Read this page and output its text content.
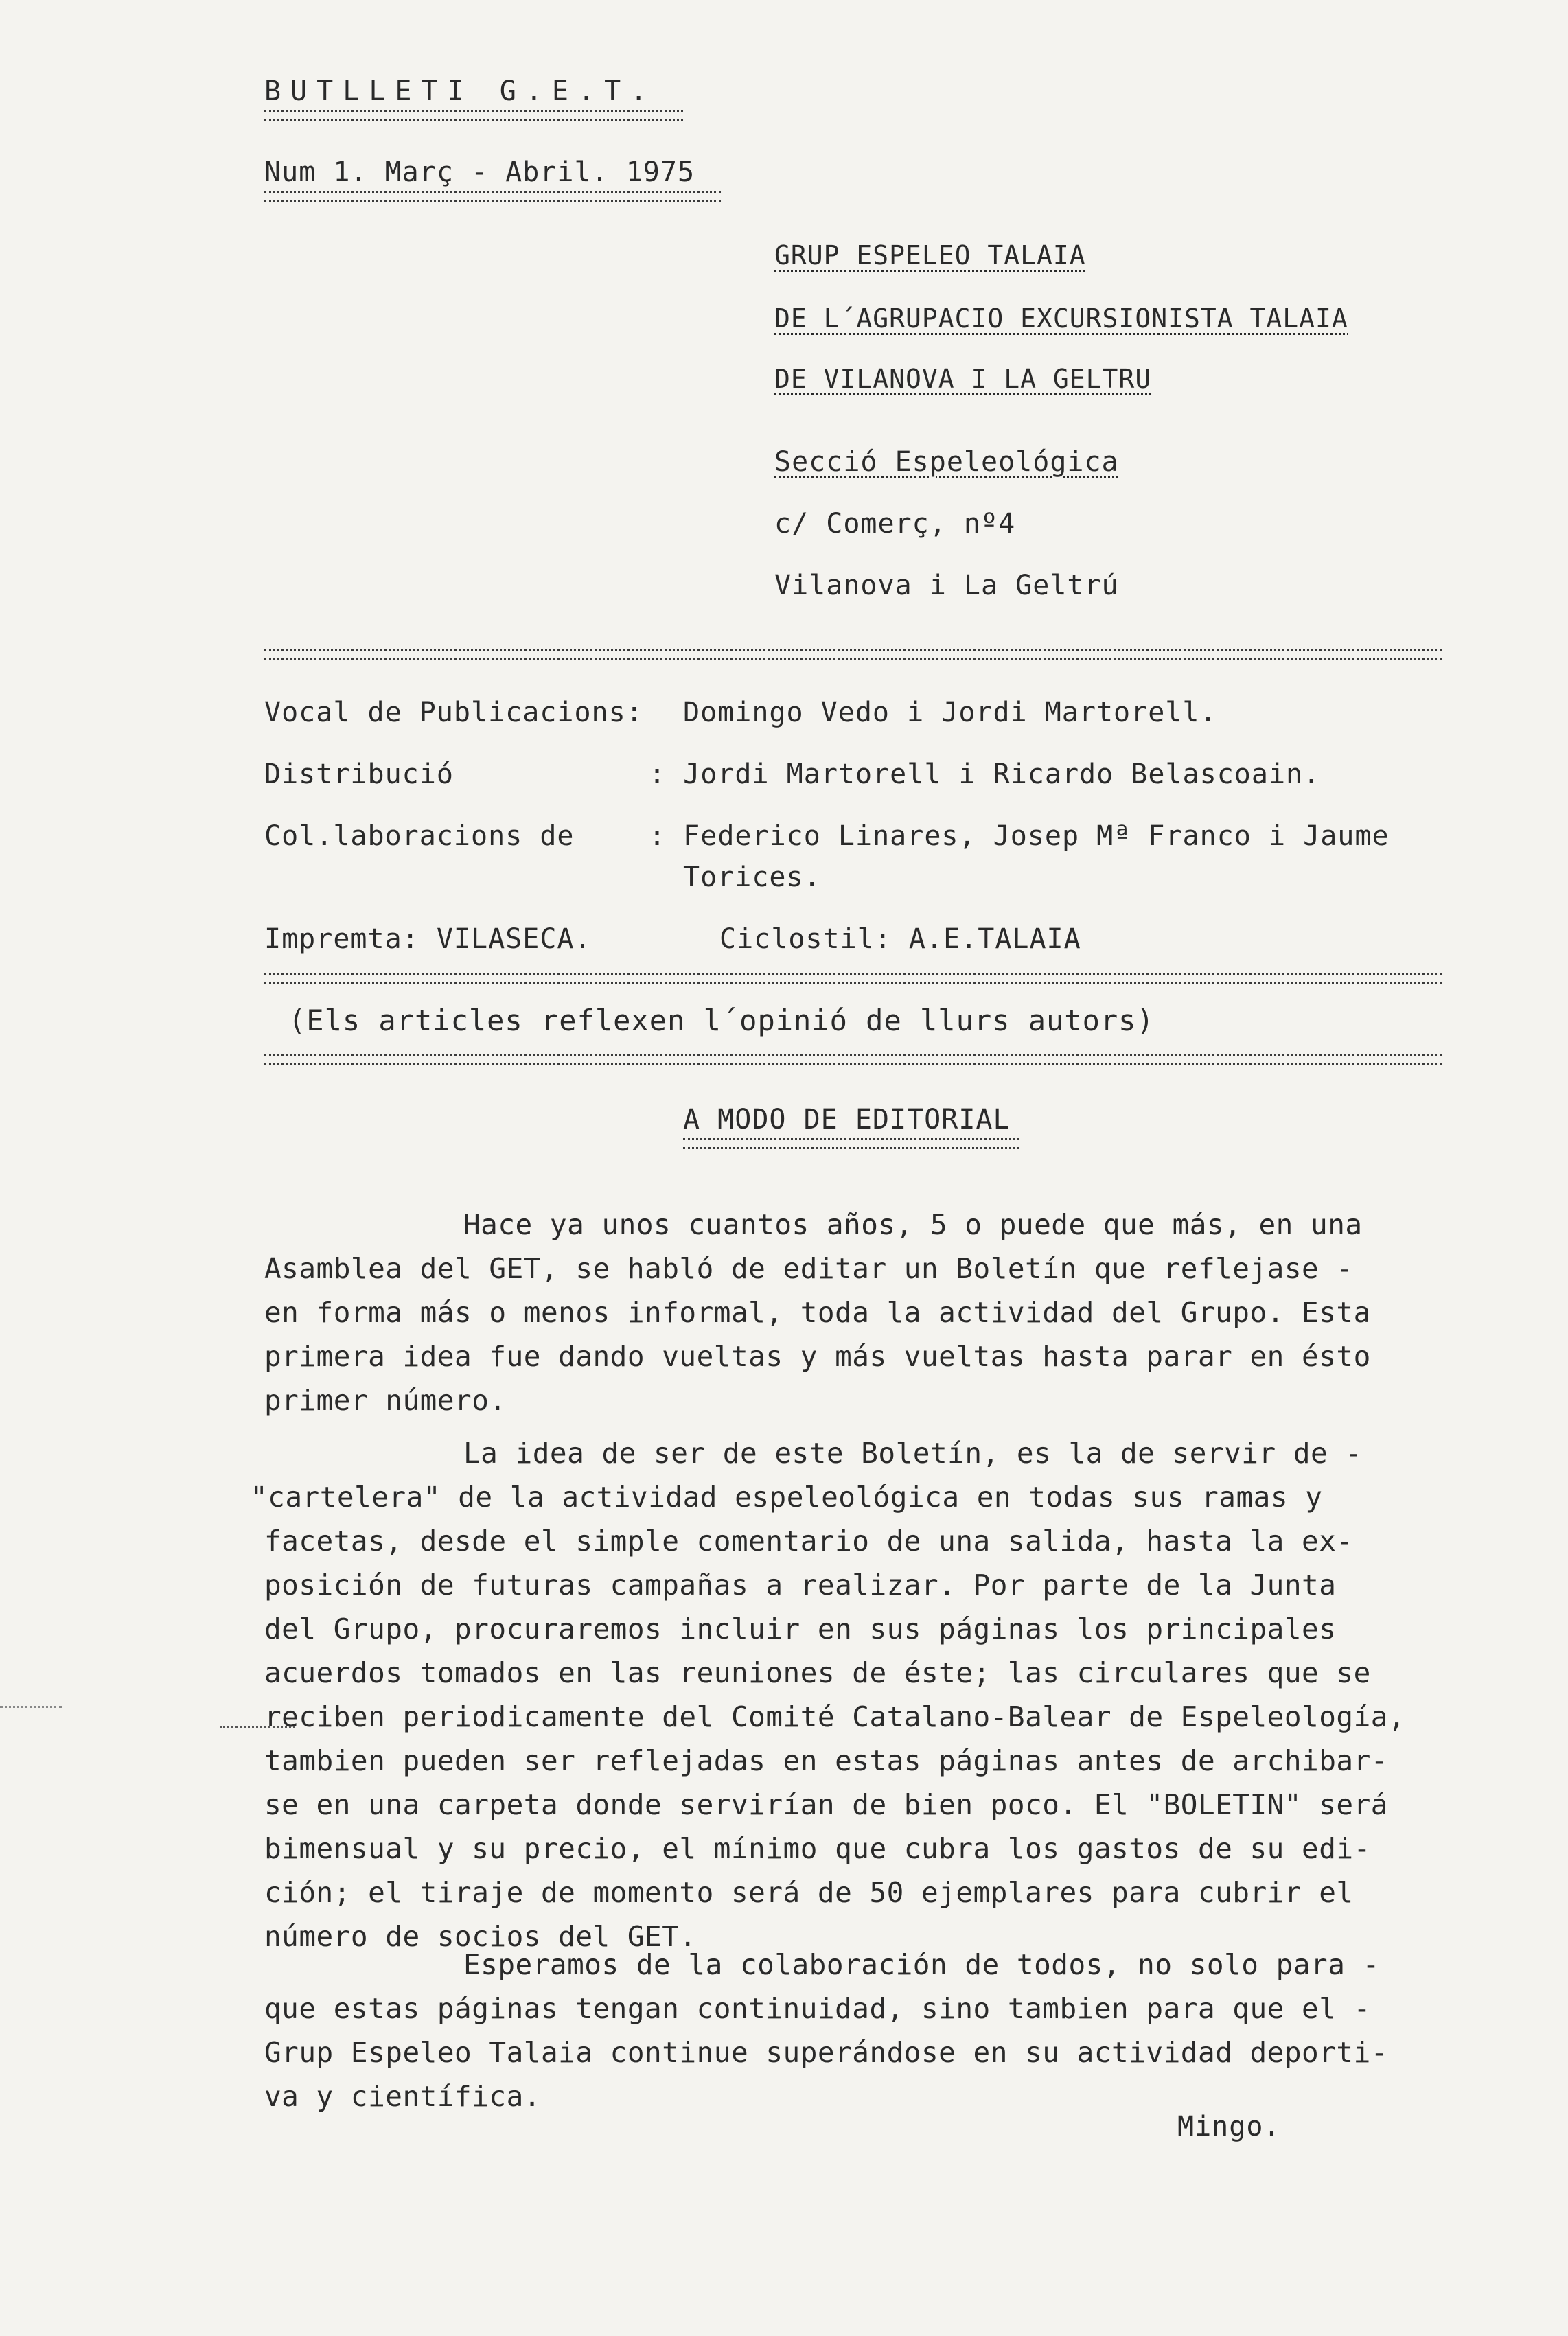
BUTLLETI G.E.T.
Num 1. Març - Abril. 1975
GRUP ESPELEO TALAIA
DE L´AGRUPACIO EXCURSIONISTA TALAIA
DE VILANOVA I LA GELTRU
Secció Espeleológica
c/ Comerç, nº4
Vilanova i La Geltrú
Vocal de Publicacions: Domingo Vedo i Jordi Martorell.
Distribució	: Jordi Martorell i Ricardo Belascoain.
Col.laboracions de	: Federico Linares, Josep Mª Franco i Jaume
Torices.
Impremta: VILASECA.	Ciclostil: A.E.TALAIA
(Els articles reflexen l´opinió de llurs autors)
A MODO DE EDITORIAL
Hace ya unos cuantos años, 5 o puede que más, en una
Asamblea del GET, se habló de editar un Boletín que reflejase -
en forma más o menos informal, toda la actividad del Grupo. Esta
primera idea fue dando vueltas y más vueltas hasta parar en ésto
primer número.
La idea de ser de este Boletín, es la de servir de -
"cartelera" de la actividad espeleológica en todas sus ramas y
facetas, desde el simple comentario de una salida, hasta la ex-
posición de futuras campañas a realizar. Por parte de la Junta
del Grupo, procuraremos incluir en sus páginas los principales
acuerdos tomados en las reuniones de éste; las circulares que se
reciben periodicamente del Comité Catalano-Balear de Espeleología,
tambien pueden ser reflejadas en estas páginas antes de archibar-
se en una carpeta donde servirían de bien poco. El "BOLETIN" será
bimensual y su precio, el mínimo que cubra los gastos de su edi-
ción; el tiraje de momento será de 50 ejemplares para cubrir el
número de socios del GET.
Esperamos de la colaboración de todos, no solo para -
que estas páginas tengan continuidad, sino tambien para que el -
Grup Espeleo Talaia continue superándose en su actividad deporti-
va y científica.
Mingo.
